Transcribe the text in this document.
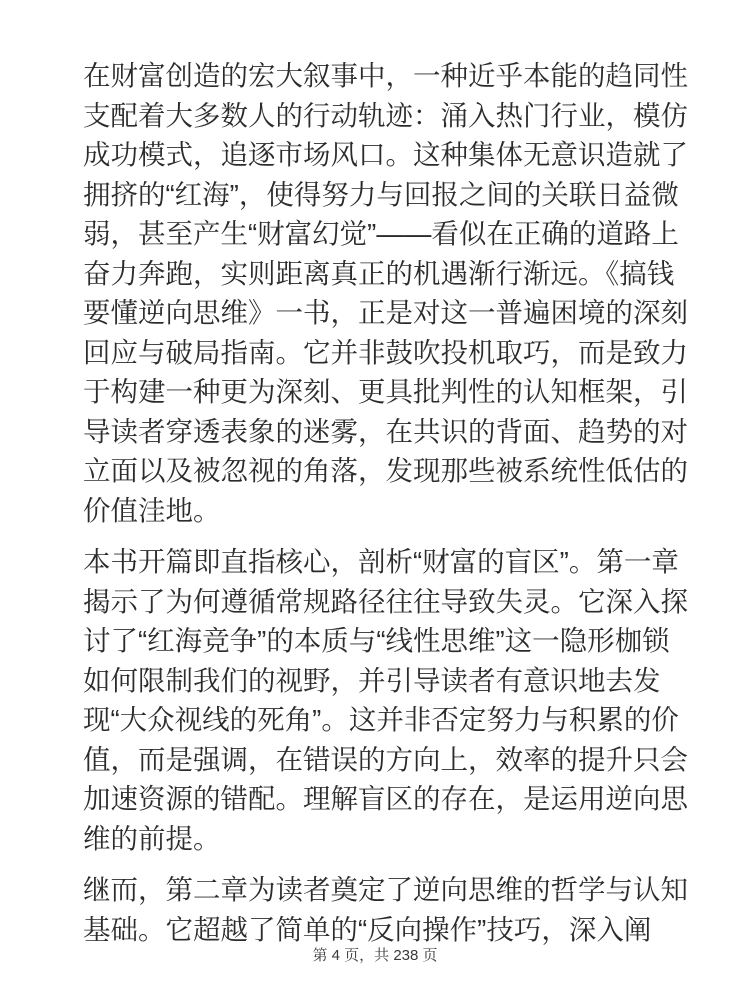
在财富创造的宏大叙事中，一种近乎本能的趋同性支配着大多数人的行动轨迹：涌入热门行业，模仿成功模式，追逐市场风口。这种集体无意识造就了拥挤的“红海”，使得努力与回报之间的关联日益微弱，甚至产生“财富幻觉”——看似在正确的道路上奋力奔跑，实则距离真正的机遇渐行渐远。《搞钱要懂逆向思维》一书，正是对这一普遍困境的深刻回应与破局指南。它并非鼓吹投机取巧，而是致力于构建一种更为深刻、更具批判性的认知框架，引导读者穿透表象的迷雾，在共识的背面、趋势的对立面以及被忽视的角落，发现那些被系统性低估的价值洼地。

本书开篇即直指核心，剖析“财富的盲区”。第一章揭示了为何遵循常规路径往往导致失灵。它深入探讨了“红海竞争”的本质与“线性思维”这一隐形枷锁如何限制我们的视野，并引导读者有意识地去发现“大众视线的死角”。这并非否定努力与积累的价值，而是强调，在错误的方向上，效率的提升只会加速资源的错配。理解盲区的存在，是运用逆向思维的前提。

继而，第二章为读者奠定了逆向思维的哲学与认知基础。它超越了简单的“反向操作”技巧，深入阐

第 4 页，共 238 页
